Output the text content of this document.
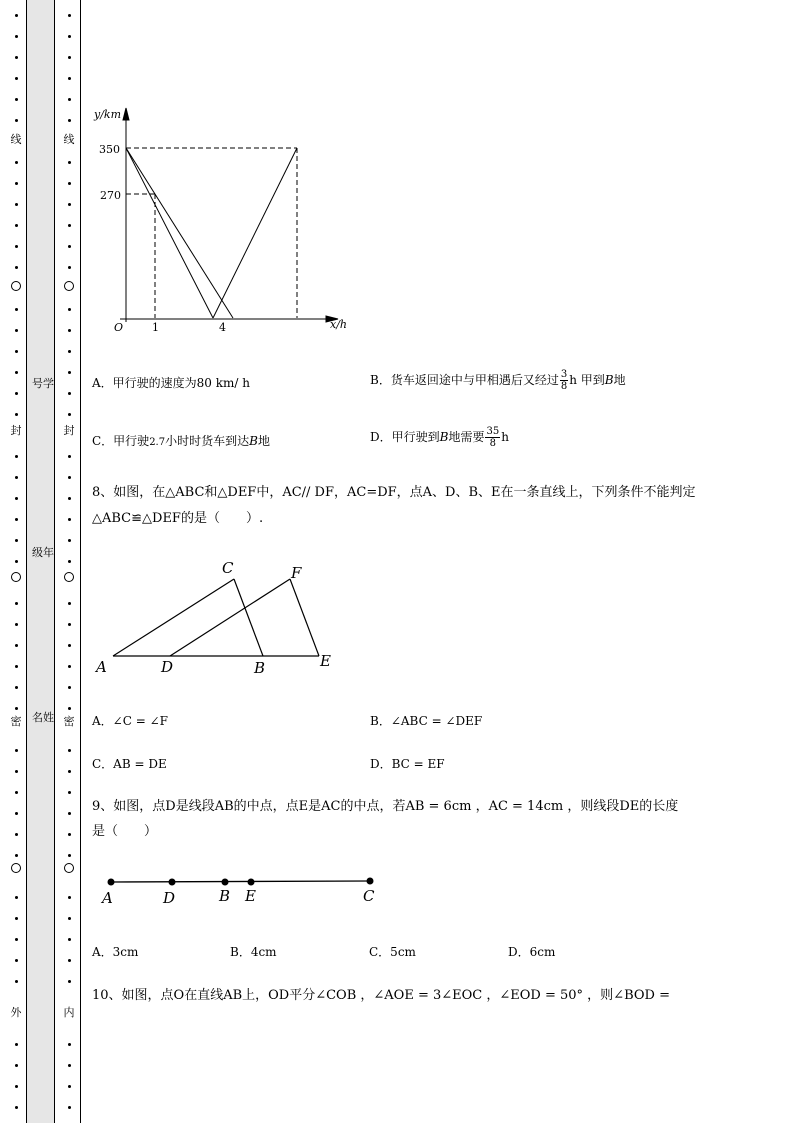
线
封
密
外
线
封
密
内
号学
级年
名姓
y/km
x/h
O
350
270
1	4
A．甲行驶的速度为80 km/ h	B．货车返回途中与甲相遇后又经过 $\frac{3}{8}$ h 甲到B地
C．甲行驶2.7小时时货车到达B地	D．甲行驶到B地需要 $\frac{35}{8}$ h
8、如图，在△ABC和△DEF中，AC// DF，AC=DF，点A、D、B、E在一条直线上，下列条件不能判定
△ABC≌△DEF的是（　　）.
A	D	B	E
C	F
A．∠C = ∠F	B．∠ABC = ∠DEF
C．AB = DE	D．BC = EF
9、如图，点D是线段AB的中点，点E是AC的中点，若AB = 6cm ，AC = 14cm ，则线段DE的长度
是（　　）
A	D	B E	C
A．3cm	B．4cm	C．5cm	D．6cm
10、如图，点O在直线AB上，OD平分∠COB ，∠AOE = 3∠EOC ，∠EOD = 50° ，则∠BOD =
